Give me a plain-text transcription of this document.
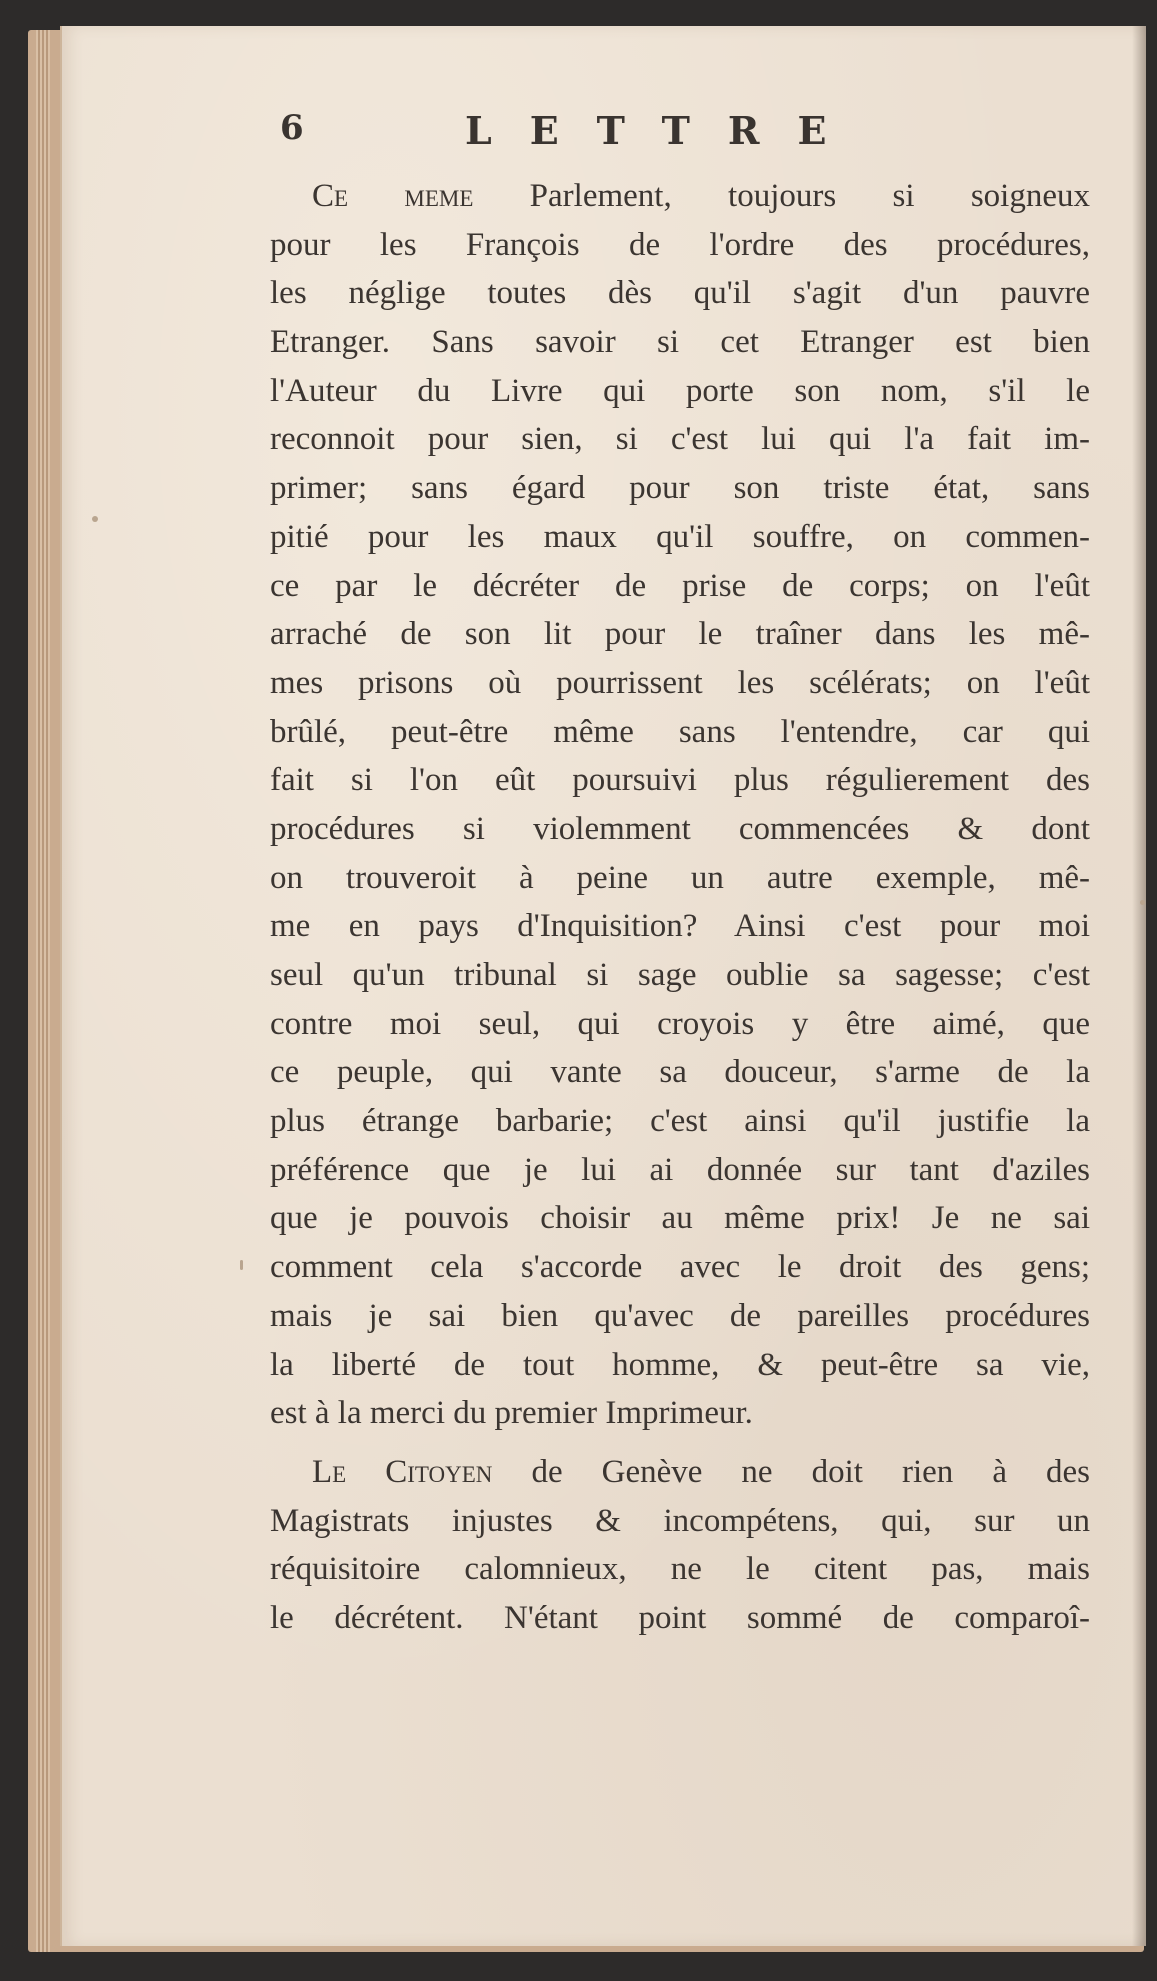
6	LETTRE
Ce meme Parlement, toujours si soigneux
pour les François de l'ordre des procédures,
les néglige toutes dès qu'il s'agit d'un pauvre
Etranger. Sans savoir si cet Etranger est bien
l'Auteur du Livre qui porte son nom, s'il le
reconnoit pour sien, si c'est lui qui l'a fait im-
primer; sans égard pour son triste état, sans
pitié pour les maux qu'il souffre, on commen-
ce par le décréter de prise de corps; on l'eût
arraché de son lit pour le traîner dans les mê-
mes prisons où pourrissent les scélérats; on l'eût
brûlé, peut-être même sans l'entendre, car qui
fait si l'on eût poursuivi plus régulierement des
procédures si violemment commencées & dont
on trouveroit à peine un autre exemple, mê-
me en pays d'Inquisition? Ainsi c'est pour moi
seul qu'un tribunal si sage oublie sa sagesse; c'est
contre moi seul, qui croyois y être aimé, que
ce peuple, qui vante sa douceur, s'arme de la
plus étrange barbarie; c'est ainsi qu'il justifie la
préférence que je lui ai donnée sur tant d'aziles
que je pouvois choisir au même prix! Je ne sai
comment cela s'accorde avec le droit des gens;
mais je sai bien qu'avec de pareilles procédures
la liberté de tout homme, & peut-être sa vie,
est à la merci du premier Imprimeur.
Le Citoyen de Genève ne doit rien à des
Magistrats injustes & incompétens, qui, sur un
réquisitoire calomnieux, ne le citent pas, mais
le décrétent. N'étant point sommé de comparoî-
